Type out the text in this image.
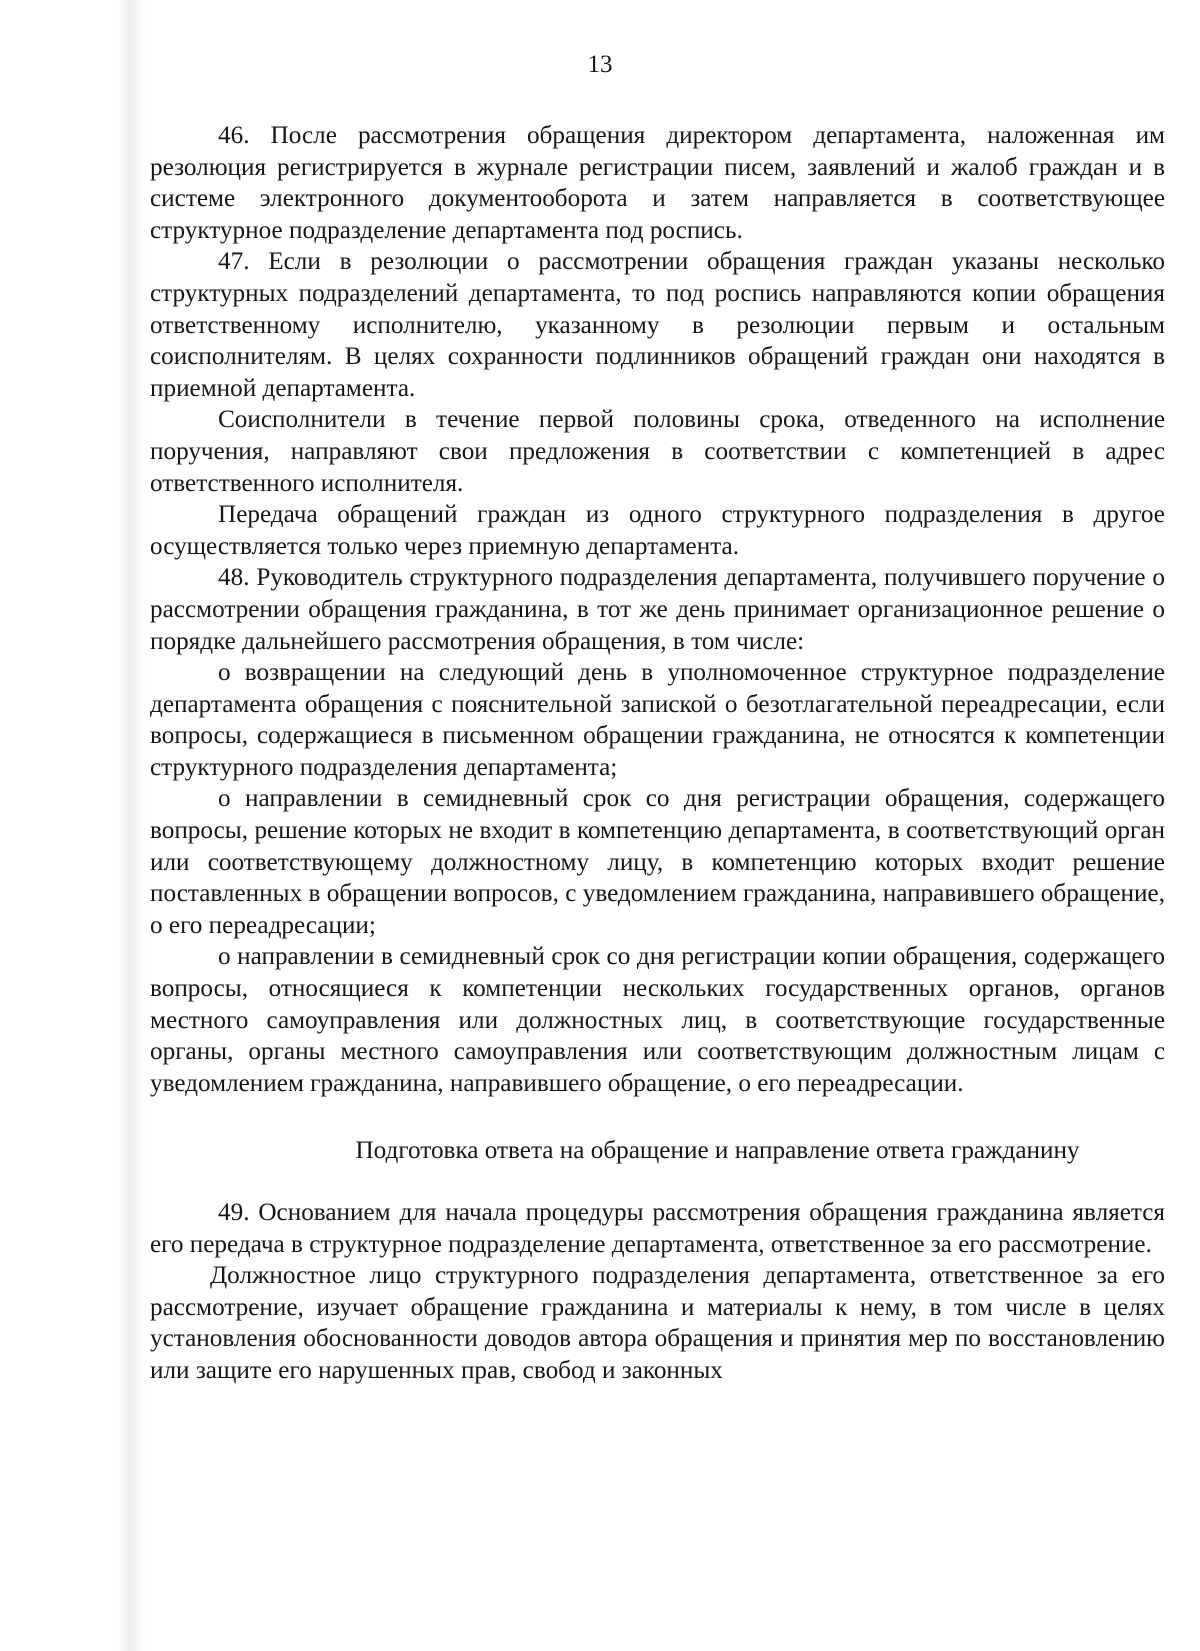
13

46. После рассмотрения обращения директором департамента, наложенная им резолюция регистрируется в журнале регистрации писем, заявлений и жалоб граждан и в системе электронного документооборота и затем направляется в соответствующее структурное подразделение департамента под роспись.

47. Если в резолюции о рассмотрении обращения граждан указаны несколько структурных подразделений департамента, то под роспись направляются копии обращения ответственному исполнителю, указанному в резолюции первым и остальным соисполнителям. В целях сохранности подлинников обращений граждан они находятся в приемной департамента.

Соисполнители в течение первой половины срока, отведенного на исполнение поручения, направляют свои предложения в соответствии с компетенцией в адрес ответственного исполнителя.

Передача обращений граждан из одного структурного подразделения в другое осуществляется только через приемную департамента.

48. Руководитель структурного подразделения департамента, получившего поручение о рассмотрении обращения гражданина, в тот же день принимает организационное решение о порядке дальнейшего рассмотрения обращения, в том числе:

о возвращении на следующий день в уполномоченное структурное подразделение департамента обращения с пояснительной запиской о безотлагательной переадресации, если вопросы, содержащиеся в письменном обращении гражданина, не относятся к компетенции структурного подразделения департамента;

о направлении в семидневный срок со дня регистрации обращения, содержащего вопросы, решение которых не входит в компетенцию департамента, в соответствующий орган или соответствующему должностному лицу, в компетенцию которых входит решение поставленных в обращении вопросов, с уведомлением гражданина, направившего обращение, о его переадресации;

о направлении в семидневный срок со дня регистрации копии обращения, содержащего вопросы, относящиеся к компетенции нескольких государственных органов, органов местного самоуправления или должностных лиц, в соответствующие государственные органы, органы местного самоуправления или соответствующим должностным лицам с уведомлением гражданина, направившего обращение, о его переадресации.

Подготовка ответа на обращение и направление ответа гражданину

49. Основанием для начала процедуры рассмотрения обращения гражданина является его передача в структурное подразделение департамента, ответственное за его рассмотрение.

Должностное лицо структурного подразделения департамента, ответственное за его рассмотрение, изучает обращение гражданина и материалы к нему, в том числе в целях установления обоснованности доводов автора обращения и принятия мер по восстановлению или защите его нарушенных прав, свобод и законных
